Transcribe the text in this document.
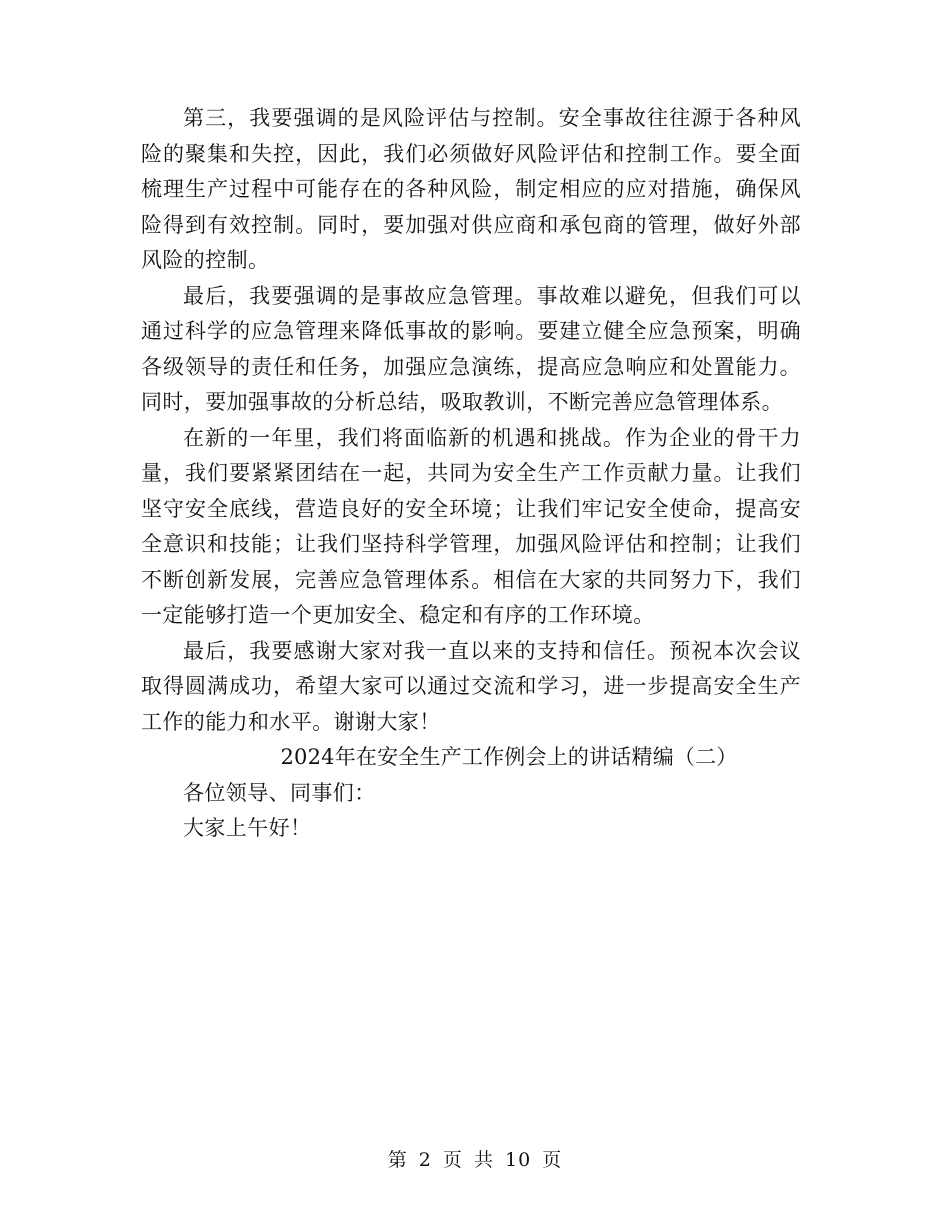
第三，我要强调的是风险评估与控制。安全事故往往源于各种风险的聚集和失控，因此，我们必须做好风险评估和控制工作。要全面梳理生产过程中可能存在的各种风险，制定相应的应对措施，确保风险得到有效控制。同时，要加强对供应商和承包商的管理，做好外部风险的控制。

最后，我要强调的是事故应急管理。事故难以避免，但我们可以通过科学的应急管理来降低事故的影响。要建立健全应急预案，明确各级领导的责任和任务，加强应急演练，提高应急响应和处置能力。同时，要加强事故的分析总结，吸取教训，不断完善应急管理体系。

在新的一年里，我们将面临新的机遇和挑战。作为企业的骨干力量，我们要紧紧团结在一起，共同为安全生产工作贡献力量。让我们坚守安全底线，营造良好的安全环境；让我们牢记安全使命，提高安全意识和技能；让我们坚持科学管理，加强风险评估和控制；让我们不断创新发展，完善应急管理体系。相信在大家的共同努力下，我们一定能够打造一个更加安全、稳定和有序的工作环境。

最后，我要感谢大家对我一直以来的支持和信任。预祝本次会议取得圆满成功，希望大家可以通过交流和学习，进一步提高安全生产工作的能力和水平。谢谢大家！

2024年在安全生产工作例会上的讲话精编（二）

各位领导、同事们：

大家上午好！

第 2 页 共 10 页
